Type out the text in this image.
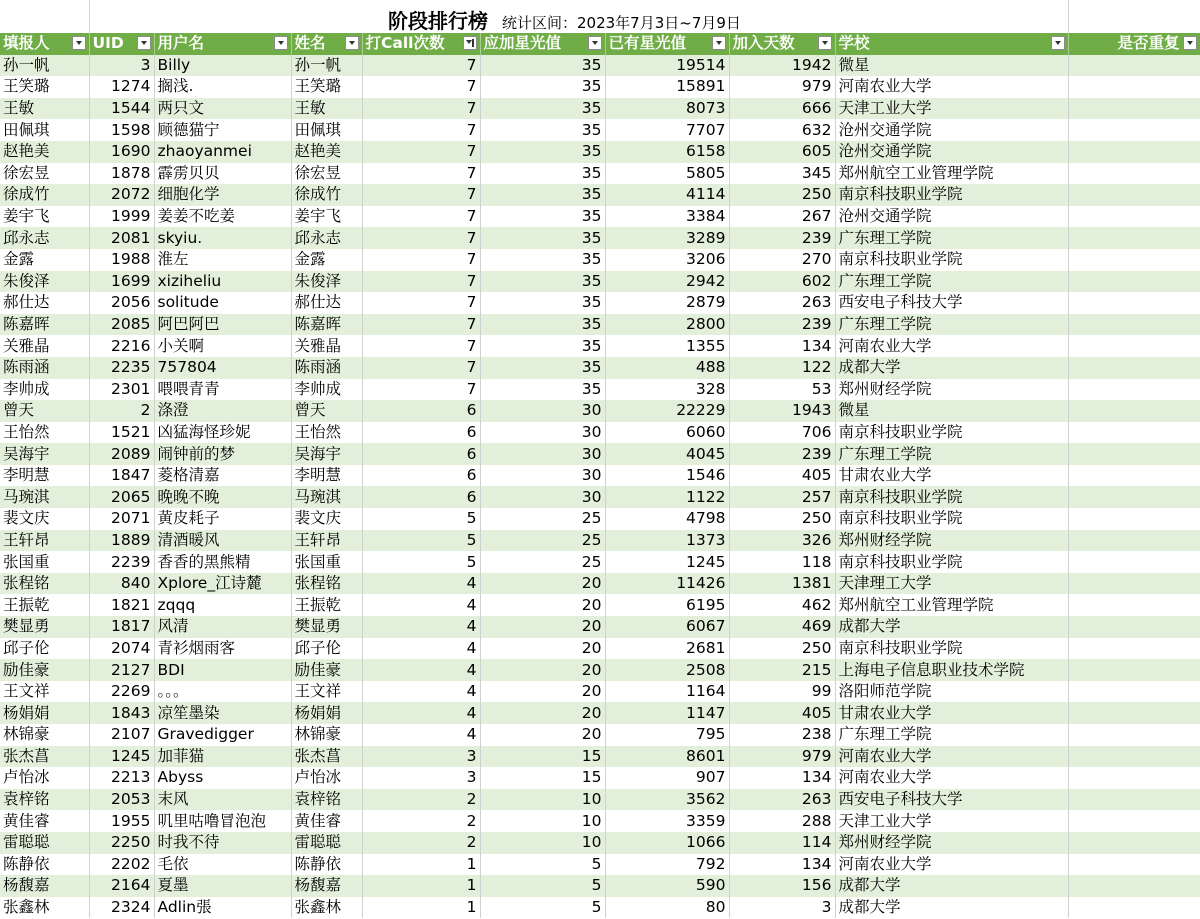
阶段排行榜 统计区间：2023年7月3日~7月9日
填报人	UID	用户名	姓名	打Call次数	应加星光值	已有星光值	加入天数	学校	是否重复

孙一帆	3	Billy	孙一帆	7	35	19514	1942	微星	
王笑璐	1274	搁浅.	王笑璐	7	35	15891	979	河南农业大学	
王敏	1544	两只文	王敏	7	35	8073	666	天津工业大学	
田佩琪	1598	顾德猫宁	田佩琪	7	35	7707	632	沧州交通学院	
赵艳美	1690	zhaoyanmei	赵艳美	7	35	6158	605	沧州交通学院	
徐宏昱	1878	霹雳贝贝	徐宏昱	7	35	5805	345	郑州航空工业管理学院	
徐成竹	2072	细胞化学	徐成竹	7	35	4114	250	南京科技职业学院	
姜宇飞	1999	姜姜不吃姜	姜宇飞	7	35	3384	267	沧州交通学院	
邱永志	2081	skyiu.	邱永志	7	35	3289	239	广东理工学院	
金露	1988	淮左	金露	7	35	3206	270	南京科技职业学院	
朱俊泽	1699	xiziheliu	朱俊泽	7	35	2942	602	广东理工学院	
郝仕达	2056	solitude	郝仕达	7	35	2879	263	西安电子科技大学	
陈嘉晖	2085	阿巴阿巴	陈嘉晖	7	35	2800	239	广东理工学院	
关雅晶	2216	小关啊	关雅晶	7	35	1355	134	河南农业大学	
陈雨涵	2235	757804	陈雨涵	7	35	488	122	成都大学	
李帅成	2301	喂喂青青	李帅成	7	35	328	53	郑州财经学院	
曾天	2	涤澄	曾天	6	30	22229	1943	微星	
王怡然	1521	凶猛海怪珍妮	王怡然	6	30	6060	706	南京科技职业学院	
吴海宇	2089	闹钟前的梦	吴海宇	6	30	4045	239	广东理工学院	
李明慧	1847	菱格清嘉	李明慧	6	30	1546	405	甘肃农业大学	
马琬淇	2065	晚晚不晚	马琬淇	6	30	1122	257	南京科技职业学院	
裴文庆	2071	黄皮耗子	裴文庆	5	25	4798	250	南京科技职业学院	
王轩昂	1889	清酒暖风	王轩昂	5	25	1373	326	郑州财经学院	
张国重	2239	香香的黑熊精	张国重	5	25	1245	118	南京科技职业学院	
张程铭	840	Xplore_江诗麓	张程铭	4	20	11426	1381	天津理工大学	
王振乾	1821	zqqq	王振乾	4	20	6195	462	郑州航空工业管理学院	
樊显勇	1817	风清	樊显勇	4	20	6067	469	成都大学	
邱子伦	2074	青衫烟雨客	邱子伦	4	20	2681	250	南京科技职业学院	
励佳豪	2127	BDI	励佳豪	4	20	2508	215	上海电子信息职业技术学院	
王文祥	2269	。。。	王文祥	4	20	1164	99	洛阳师范学院	
杨娟娟	1843	凉笙墨染	杨娟娟	4	20	1147	405	甘肃农业大学	
林锦豪	2107	Gravedigger	林锦豪	4	20	795	238	广东理工学院	
张杰菖	1245	加菲猫	张杰菖	3	15	8601	979	河南农业大学	
卢怡冰	2213	Abyss	卢怡冰	3	15	907	134	河南农业大学	
袁梓铭	2053	末风	袁梓铭	2	10	3562	263	西安电子科技大学	
黄佳睿	1955	叽里咕噜冒泡泡	黄佳睿	2	10	3359	288	天津工业大学	
雷聪聪	2250	时我不待	雷聪聪	2	10	1066	114	郑州财经学院	
陈静依	2202	毛依	陈静依	1	5	792	134	河南农业大学	
杨馥嘉	2164	夏墨	杨馥嘉	1	5	590	156	成都大学	
张鑫林	2324	Adlin張	张鑫林	1	5	80	3	成都大学	
